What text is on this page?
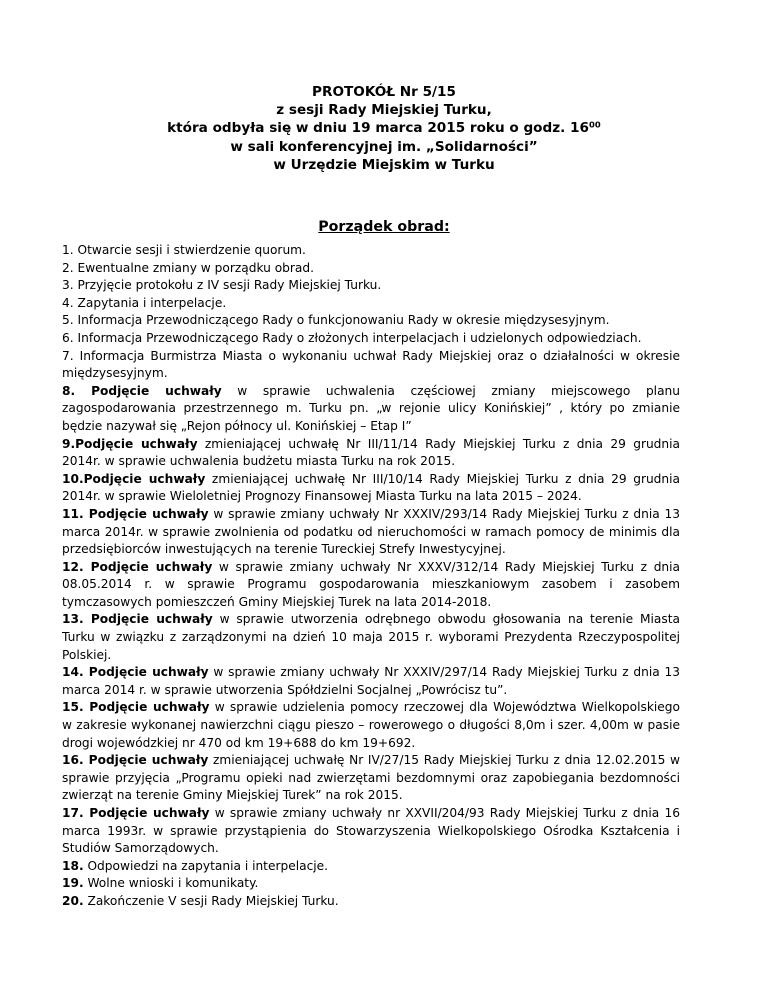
PROTOKÓŁ Nr 5/15
z sesji Rady Miejskiej Turku,
która odbyła się w dniu 19 marca 2015 roku o godz. 16⁰⁰
w sali konferencyjnej im. „Solidarności”
w Urzędzie Miejskim w Turku
Porządek obrad:
1. Otwarcie sesji i stwierdzenie quorum.
2. Ewentualne zmiany w porządku obrad.
3. Przyjęcie protokołu z IV sesji Rady Miejskiej Turku.
4. Zapytania i interpelacje.
5. Informacja Przewodniczącego Rady o funkcjonowaniu Rady w okresie międzysesyjnym.
6. Informacja Przewodniczącego Rady o złożonych interpelacjach i udzielonych odpowiedziach.
7. Informacja Burmistrza Miasta o wykonaniu uchwał Rady Miejskiej oraz o działalności w okresie międzysesyjnym.
8. Podjęcie uchwały w sprawie uchwalenia częściowej zmiany miejscowego planu zagospodarowania przestrzennego m. Turku pn. „w rejonie ulicy Konińskiej” , który po zmianie będzie nazywał się „Rejon północy ul. Konińskiej – Etap I”
9.Podjęcie uchwały zmieniającej uchwałę Nr III/11/14 Rady Miejskiej Turku z dnia 29 grudnia 2014r. w sprawie uchwalenia budżetu miasta Turku na rok 2015.
10.Podjęcie uchwały zmieniającej uchwałę Nr III/10/14 Rady Miejskiej Turku z dnia 29 grudnia 2014r. w sprawie Wieloletniej Prognozy Finansowej Miasta Turku na lata 2015 – 2024.
11. Podjęcie uchwały w sprawie zmiany uchwały Nr XXXIV/293/14 Rady Miejskiej Turku z dnia 13 marca 2014r. w sprawie zwolnienia od podatku od nieruchomości w ramach pomocy de minimis dla przedsiębiorców inwestujących na terenie Tureckiej Strefy Inwestycyjnej.
12. Podjęcie uchwały w sprawie zmiany uchwały Nr XXXV/312/14 Rady Miejskiej Turku z dnia 08.05.2014 r. w sprawie Programu gospodarowania mieszkaniowym zasobem i zasobem tymczasowych pomieszczeń Gminy Miejskiej Turek na lata 2014-2018.
13. Podjęcie uchwały w sprawie utworzenia odrębnego obwodu głosowania na terenie Miasta Turku w związku z zarządzonymi na dzień 10 maja 2015 r. wyborami Prezydenta Rzeczypospolitej Polskiej.
14. Podjęcie uchwały w sprawie zmiany uchwały Nr XXXIV/297/14 Rady Miejskiej Turku z dnia 13 marca 2014 r. w sprawie utworzenia Spółdzielni Socjalnej „Powrócisz tu”.
15. Podjęcie uchwały w sprawie udzielenia pomocy rzeczowej dla Województwa Wielkopolskiego w zakresie wykonanej nawierzchni ciągu pieszo – rowerowego o długości 8,0m i szer. 4,00m w pasie drogi wojewódzkiej nr 470 od km 19+688 do km 19+692.
16. Podjęcie uchwały zmieniającej uchwałę Nr IV/27/15 Rady Miejskiej Turku z dnia 12.02.2015 w sprawie przyjęcia „Programu opieki nad zwierzętami bezdomnymi oraz zapobiegania bezdomności zwierząt na terenie Gminy Miejskiej Turek” na rok 2015.
17. Podjęcie uchwały w sprawie zmiany uchwały nr XXVII/204/93 Rady Miejskiej Turku z dnia 16 marca 1993r. w sprawie przystąpienia do Stowarzyszenia Wielkopolskiego Ośrodka Kształcenia i Studiów Samorządowych.
18. Odpowiedzi na zapytania i interpelacje.
19. Wolne wnioski i komunikaty.
20. Zakończenie V sesji Rady Miejskiej Turku.
